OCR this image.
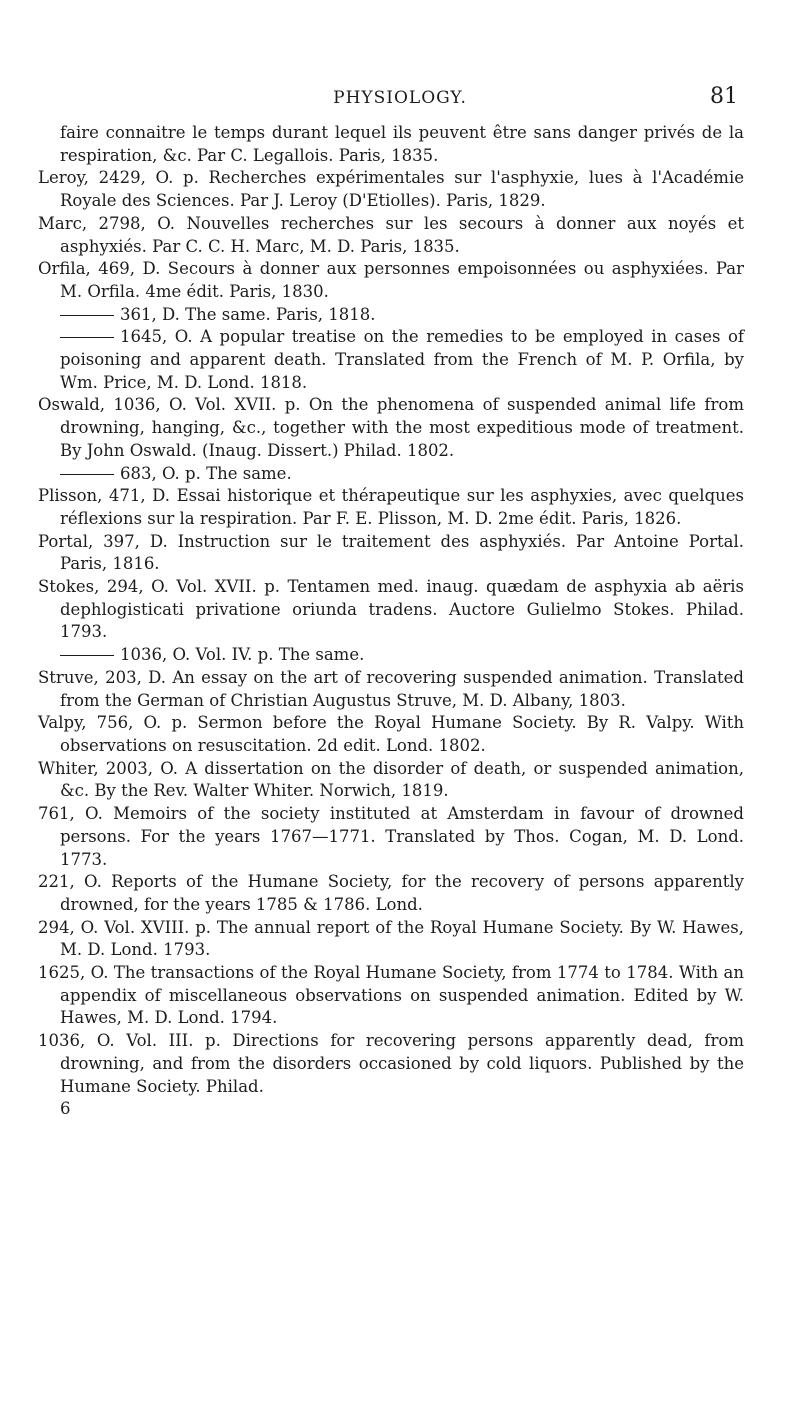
PHYSIOLOGY.	81
faire connaitre le temps durant lequel ils peuvent être sans danger privés de la respiration, &c. Par C. Legallois. Paris, 1835.
Leroy, 2429, O. p. Recherches expérimentales sur l'asphyxie, lues à l'Académie Royale des Sciences. Par J. Leroy (D'Etiolles). Paris, 1829.
Marc, 2798, O. Nouvelles recherches sur les secours à donner aux noyés et asphyxiés. Par C. C. H. Marc, M. D. Paris, 1835.
Orfila, 469, D. Secours à donner aux personnes empoisonnées ou asphyxiées. Par M. Orfila. 4me édit. Paris, 1830.
361, D. The same. Paris, 1818.
1645, O. A popular treatise on the remedies to be employed in cases of poisoning and apparent death. Translated from the French of M. P. Orfila, by Wm. Price, M. D. Lond. 1818.
Oswald, 1036, O. Vol. XVII. p. On the phenomena of suspended animal life from drowning, hanging, &c., together with the most expeditious mode of treatment. By John Oswald. (Inaug. Dissert.) Philad. 1802.
683, O. p. The same.
Plisson, 471, D. Essai historique et thérapeutique sur les asphyxies, avec quelques réflexions sur la respiration. Par F. E. Plisson, M. D. 2me édit. Paris, 1826.
Portal, 397, D. Instruction sur le traitement des asphyxiés. Par Antoine Portal. Paris, 1816.
Stokes, 294, O. Vol. XVII. p. Tentamen med. inaug. quædam de asphyxia ab aëris dephlogisticati privatione oriunda tradens. Auctore Gulielmo Stokes. Philad. 1793.
1036, O. Vol. IV. p. The same.
Struve, 203, D. An essay on the art of recovering suspended animation. Translated from the German of Christian Augustus Struve, M. D. Albany, 1803.
Valpy, 756, O. p. Sermon before the Royal Humane Society. By R. Valpy. With observations on resuscitation. 2d edit. Lond. 1802.
Whiter, 2003, O. A dissertation on the disorder of death, or suspended animation, &c. By the Rev. Walter Whiter. Norwich, 1819.
761, O. Memoirs of the society instituted at Amsterdam in favour of drowned persons. For the years 1767—1771. Translated by Thos. Cogan, M. D. Lond. 1773.
221, O. Reports of the Humane Society, for the recovery of persons apparently drowned, for the years 1785 & 1786. Lond.
294, O. Vol. XVIII. p. The annual report of the Royal Humane Society. By W. Hawes, M. D. Lond. 1793.
1625, O. The transactions of the Royal Humane Society, from 1774 to 1784. With an appendix of miscellaneous observations on suspended animation. Edited by W. Hawes, M. D. Lond. 1794.
1036, O. Vol. III. p. Directions for recovering persons apparently dead, from drowning, and from the disorders occasioned by cold liquors. Published by the Humane Society. Philad.
6
